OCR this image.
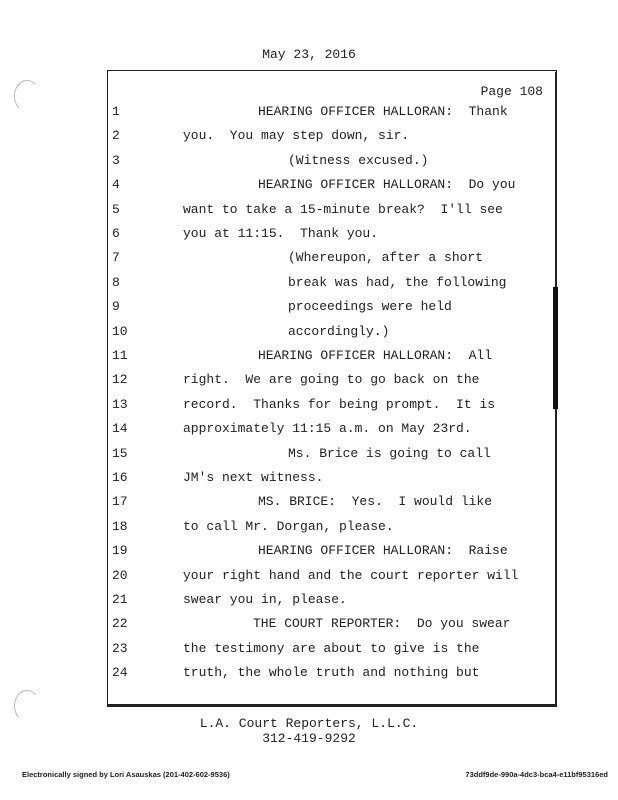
May 23, 2016
Page 108
1	HEARING OFFICER HALLORAN:  Thank
2	you.  You may step down, sir.
3	(Witness excused.)
4	HEARING OFFICER HALLORAN:  Do you
5	want to take a 15-minute break?  I'll see
6	you at 11:15.  Thank you.
7	(Whereupon, after a short
8	break was had, the following
9	proceedings were held
10	accordingly.)
11	HEARING OFFICER HALLORAN:  All
12	right.  We are going to go back on the
13	record.  Thanks for being prompt.  It is
14	approximately 11:15 a.m. on May 23rd.
15	Ms. Brice is going to call
16	JM's next witness.
17	MS. BRICE:  Yes.  I would like
18	to call Mr. Dorgan, please.
19	HEARING OFFICER HALLORAN:  Raise
20	your right hand and the court reporter will
21	swear you in, please.
22	THE COURT REPORTER:  Do you swear
23	the testimony are about to give is the
24	truth, the whole truth and nothing but
L.A. Court Reporters, L.L.C.
312-419-9292
Electronically signed by Lori Asauskas (201-402-602-9536)	73ddf9de-990a-4dc3-bca4-e11bf95316ed
